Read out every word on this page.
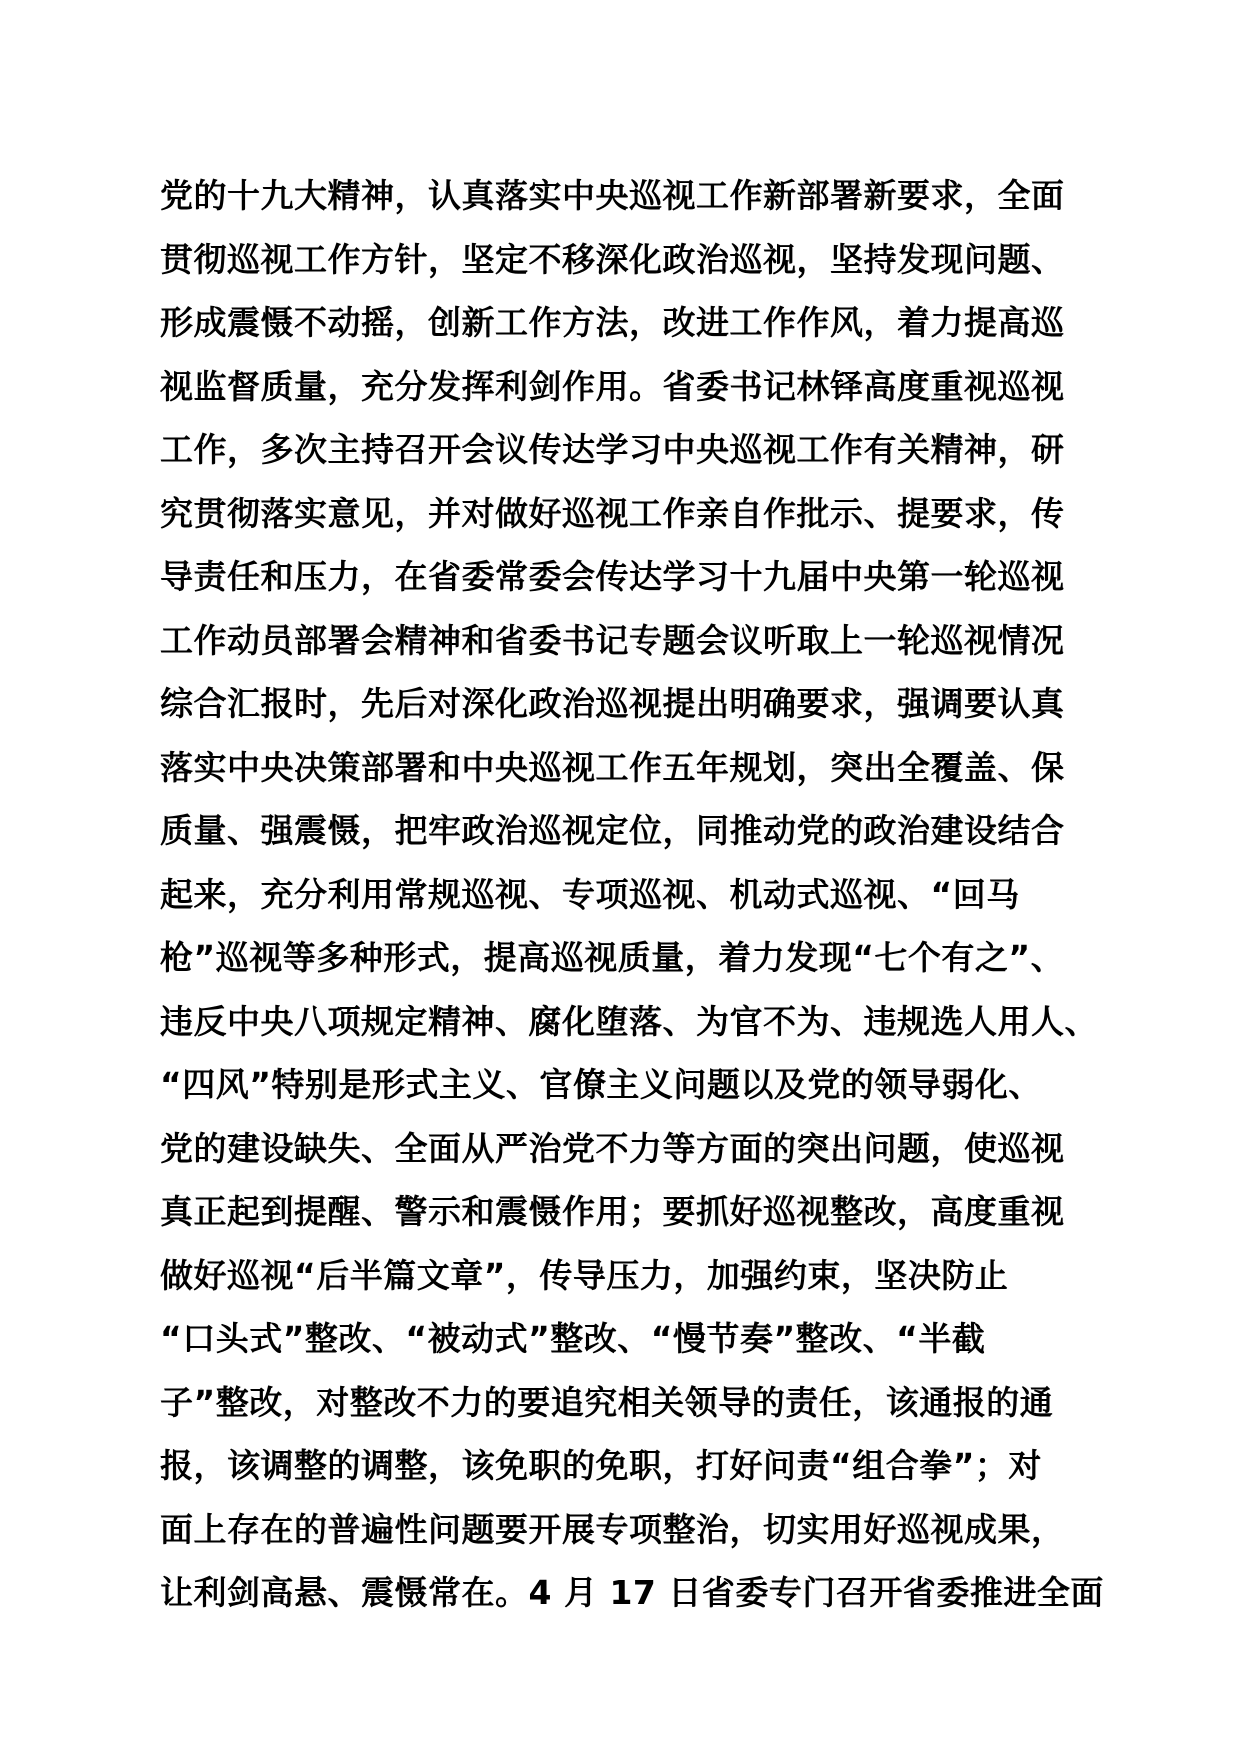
党的十九大精神，认真落实中央巡视工作新部署新要求，全面
贯彻巡视工作方针，坚定不移深化政治巡视，坚持发现问题、
形成震慑不动摇，创新工作方法，改进工作作风，着力提高巡
视监督质量，充分发挥利剑作用。省委书记林铎高度重视巡视
工作，多次主持召开会议传达学习中央巡视工作有关精神，研
究贯彻落实意见，并对做好巡视工作亲自作批示、提要求，传
导责任和压力，在省委常委会传达学习十九届中央第一轮巡视
工作动员部署会精神和省委书记专题会议听取上一轮巡视情况
综合汇报时，先后对深化政治巡视提出明确要求，强调要认真
落实中央决策部署和中央巡视工作五年规划，突出全覆盖、保
质量、强震慑，把牢政治巡视定位，同推动党的政治建设结合
起来，充分利用常规巡视、专项巡视、机动式巡视、“回马
枪”巡视等多种形式，提高巡视质量，着力发现“七个有之”、
违反中央八项规定精神、腐化堕落、为官不为、违规选人用人、
“四风”特别是形式主义、官僚主义问题以及党的领导弱化、
党的建设缺失、全面从严治党不力等方面的突出问题，使巡视
真正起到提醒、警示和震慑作用；要抓好巡视整改，高度重视
做好巡视“后半篇文章”，传导压力，加强约束，坚决防止
“口头式”整改、“被动式”整改、“慢节奏”整改、“半截
子”整改，对整改不力的要追究相关领导的责任，该通报的通
报，该调整的调整，该免职的免职，打好问责“组合拳”；对
面上存在的普遍性问题要开展专项整治，切实用好巡视成果，
让利剑高悬、震慑常在。4 月 17 日省委专门召开省委推进全面
